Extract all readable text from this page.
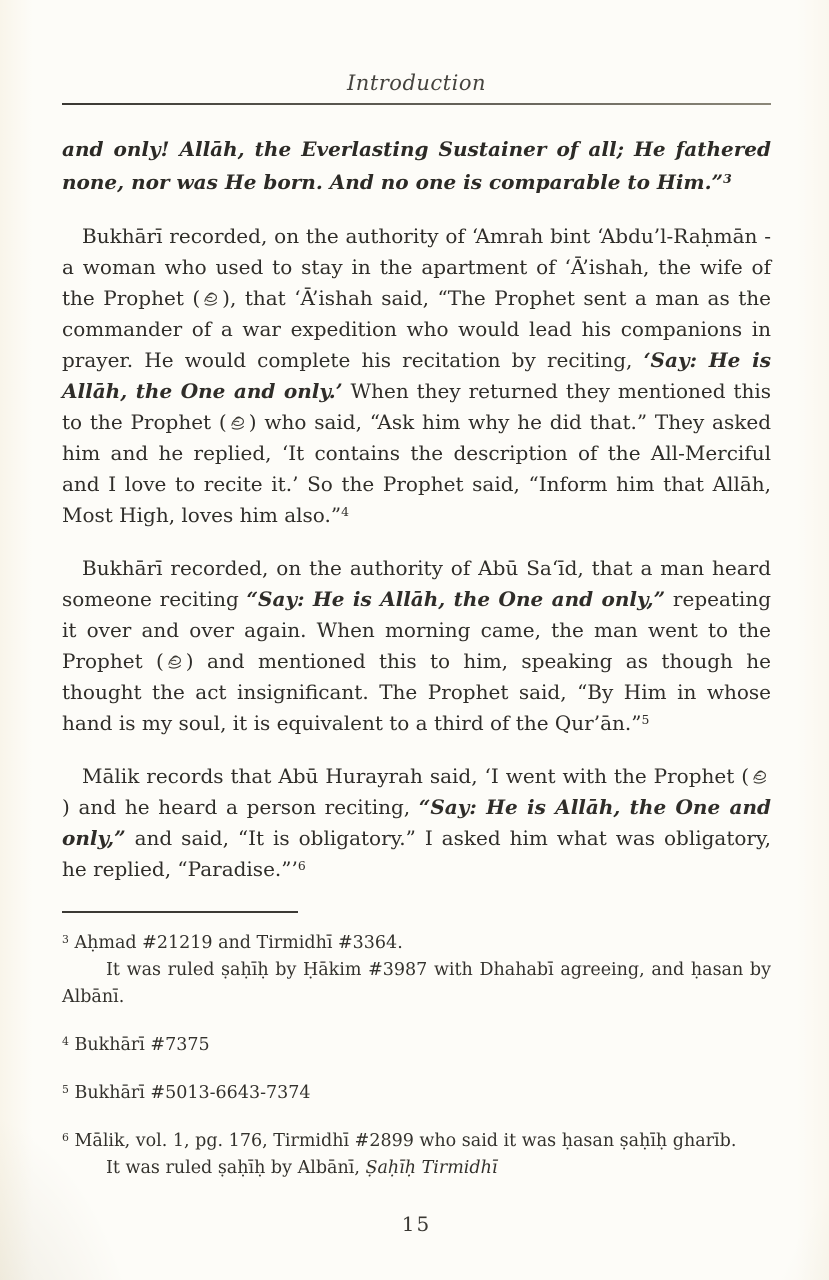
Introduction
and only! Allāh, the Everlasting Sustainer of all; He fathered none, nor was He born. And no one is comparable to Him.”$^3$

Bukhārī recorded, on the authority of ‘Amrah bint ‘Abdu’l-Raḥmān - a woman who used to stay in the apartment of ‘Ā’ishah, the wife of the Prophet ( ), that ‘Ā’ishah said, “The Prophet sent a man as the commander of a war expedition who would lead his companions in prayer. He would complete his recitation by reciting, ‘Say: He is Allāh, the One and only.’ When they returned they mentioned this to the Prophet ( ) who said, “Ask him why he did that.” They asked him and he replied, ‘It contains the description of the All-Merciful and I love to recite it.’ So the Prophet said, “Inform him that Allāh, Most High, loves him also.”$^4$

Bukhārī recorded, on the authority of Abū Sa‘īd, that a man heard someone reciting “Say: He is Allāh, the One and only,” repeating it over and over again. When morning came, the man went to the Prophet ( ) and mentioned this to him, speaking as though he thought the act insignificant. The Prophet said, “By Him in whose hand is my soul, it is equivalent to a third of the Qur’ān.”$^5$

Mālik records that Abū Hurayrah said, ‘I went with the Prophet (
) and he heard a person reciting, “Say: He is Allāh, the One and only,” and said, “It is obligatory.” I asked him what was obligatory, he replied, “Paradise.”’$^6$

$^3$ Aḥmad #21219 and Tirmidhī #3364.

It was ruled ṣaḥīḥ by Ḥākim #3987 with Dhahabī agreeing, and ḥasan by Albānī.

$^4$ Bukhārī #7375

$^5$ Bukhārī #5013-6643-7374

$^6$ Mālik, vol. 1, pg. 176, Tirmidhī #2899 who said it was ḥasan ṣaḥīḥ gharīb.

It was ruled ṣaḥīḥ by Albānī, Ṣaḥīḥ Tirmidhī

15
